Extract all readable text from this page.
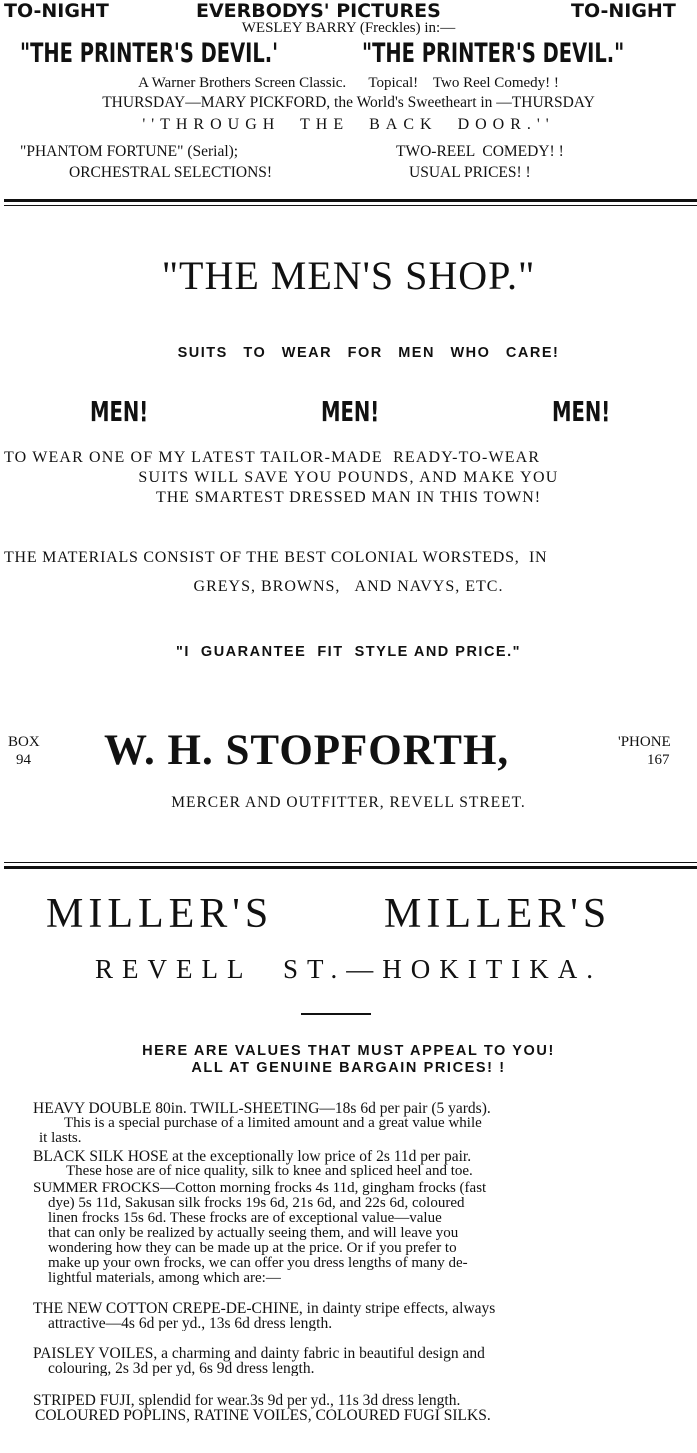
TO-NIGHT	EVERBODYS' PICTURES	TO-NIGHT
WESLEY BARRY (Freckles) in:—
"THE PRINTER'S DEVIL.'	"THE PRINTER'S DEVIL."
A Warner Brothers Screen Classic.      Topical!    Two Reel Comedy! !
THURSDAY—MARY PICKFORD, the World's Sweetheart in —THURSDAY
''THROUGH  THE  BACK  DOOR.''
"PHANTOM FORTUNE" (Serial);	TWO-REEL  COMEDY! !
ORCHESTRAL SELECTIONS!	USUAL PRICES! !
"THE MEN'S SHOP."
SUITS TO WEAR FOR MEN WHO CARE!
MEN!	MEN!	MEN!
TO WEAR ONE OF MY LATEST TAILOR-MADE  READY-TO-WEAR
SUITS WILL SAVE YOU POUNDS, AND MAKE YOU
THE SMARTEST DRESSED MAN IN THIS TOWN!
THE MATERIALS CONSIST OF THE BEST COLONIAL WORSTEDS,  IN
GREYS, BROWNS,   AND NAVYS, ETC.
"I  GUARANTEE  FIT  STYLE AND PRICE."
BOX
94 W. H. STOPFORTH,	'PHONE
167
MERCER AND OUTFITTER, REVELL STREET.
MILLER'S	MILLER'S
REVELL  ST.—HOKITIKA.
HERE ARE VALUES THAT MUST APPEAL TO YOU!
ALL AT GENUINE BARGAIN PRICES! !
HEAVY DOUBLE 80in. TWILL-SHEETING—18s 6d per pair (5 yards).
This is a special purchase of a limited amount and a great value while
it lasts.
BLACK SILK HOSE at the exceptionally low price of 2s 11d per pair.
These hose are of nice quality, silk to knee and spliced heel and toe.
SUMMER FROCKS—Cotton morning frocks 4s 11d, gingham frocks (fast
dye) 5s 11d, Sakusan silk frocks 19s 6d, 21s 6d, and 22s 6d, coloured
linen frocks 15s 6d. These frocks are of exceptional value—value
that can only be realized by actually seeing them, and will leave you
wondering how they can be made up at the price. Or if you prefer to
make up your own frocks, we can offer you dress lengths of many de-
lightful materials, among which are:—
THE NEW COTTON CREPE-DE-CHINE, in dainty stripe effects, always
attractive—4s 6d per yd., 13s 6d dress length.
PAISLEY VOILES, a charming and dainty fabric in beautiful design and
colouring, 2s 3d per yd, 6s 9d dress length.
STRIPED FUJI, splendid for wear.3s 9d per yd., 11s 3d dress length.
COLOURED POPLINS, RATINE VOILES, COLOURED FUGI SILKS.
